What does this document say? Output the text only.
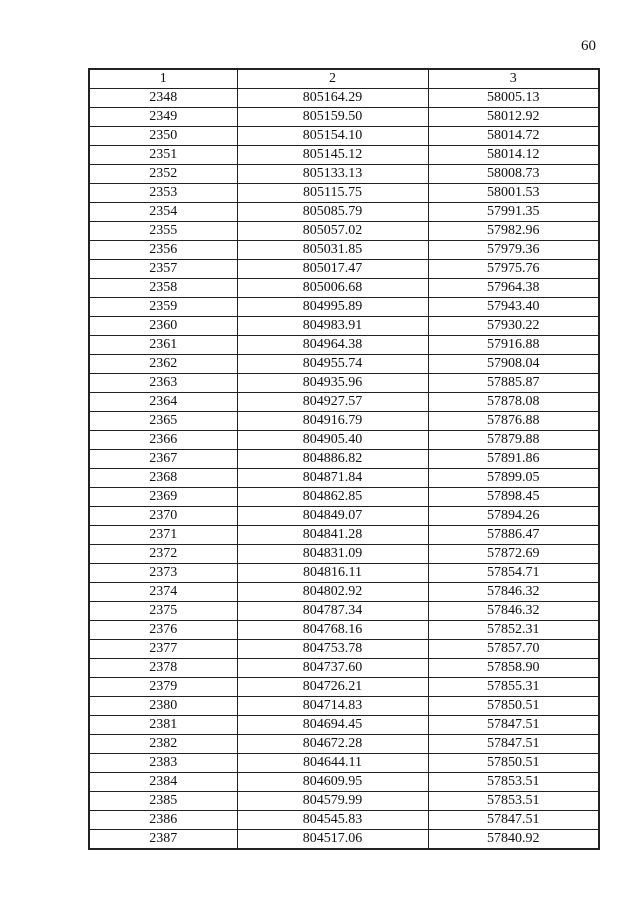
60
1	2	3
2348	805164.29	58005.13
2349	805159.50	58012.92
2350	805154.10	58014.72
2351	805145.12	58014.12
2352	805133.13	58008.73
2353	805115.75	58001.53
2354	805085.79	57991.35
2355	805057.02	57982.96
2356	805031.85	57979.36
2357	805017.47	57975.76
2358	805006.68	57964.38
2359	804995.89	57943.40
2360	804983.91	57930.22
2361	804964.38	57916.88
2362	804955.74	57908.04
2363	804935.96	57885.87
2364	804927.57	57878.08
2365	804916.79	57876.88
2366	804905.40	57879.88
2367	804886.82	57891.86
2368	804871.84	57899.05
2369	804862.85	57898.45
2370	804849.07	57894.26
2371	804841.28	57886.47
2372	804831.09	57872.69
2373	804816.11	57854.71
2374	804802.92	57846.32
2375	804787.34	57846.32
2376	804768.16	57852.31
2377	804753.78	57857.70
2378	804737.60	57858.90
2379	804726.21	57855.31
2380	804714.83	57850.51
2381	804694.45	57847.51
2382	804672.28	57847.51
2383	804644.11	57850.51
2384	804609.95	57853.51
2385	804579.99	57853.51
2386	804545.83	57847.51
2387	804517.06	57840.92
